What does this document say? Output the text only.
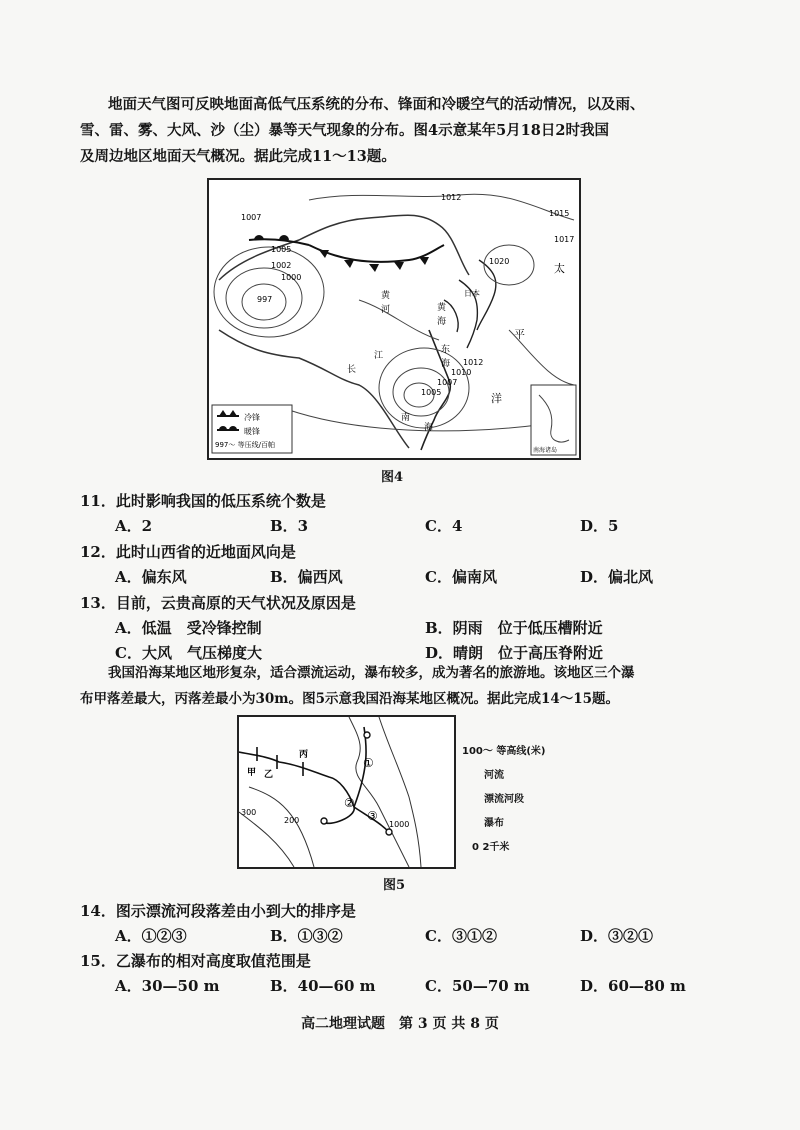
地面天气图可反映地面高低气压系统的分布、锋面和冷暖空气的活动情况，以及雨、
雪、雷、雾、大风、沙（尘）暴等天气现象的分布。图4示意某年5月18日2时我国
及周边地区地面天气概况。据此完成11～13题。
1012
1015
1017
1020
1007
1005
1002
1000
997
1012
1010
1007
1005
太
平
洋
日本
黄
河	黄
海
东
海
长
江
南
海
冷锋
暖锋
997～ 等压线/百帕
南海诸岛
图4
11．此时影响我国的低压系统个数是
A．2	B．3	C．4	D．5
12．此时山西省的近地面风向是
A．偏东风	B．偏西风	C．偏南风	D．偏北风
13．目前，云贵高原的天气状况及原因是
A．低温　受冷锋控制	B．阴雨　位于低压槽附近
C．大风　气压梯度大	D．晴朗　位于高压脊附近
我国沿海某地区地形复杂，适合漂流运动，瀑布较多，成为著名的旅游地。该地区三个瀑
布甲落差最大，丙落差最小为30m。图5示意我国沿海某地区概况。据此完成14～15题。
甲 乙
丙
300
200	1000
①
②
③
100～ 等高线(米)
河流
漂流河段
瀑布
0 2千米
图5
14．图示漂流河段落差由小到大的排序是
A．①②③	B．①③②	C．③①②	D．③②①
15．乙瀑布的相对高度取值范围是
A．30—50 m	B．40—60 m	C．50—70 m	D．60—80 m
高二地理试题　第 3 页 共 8 页
